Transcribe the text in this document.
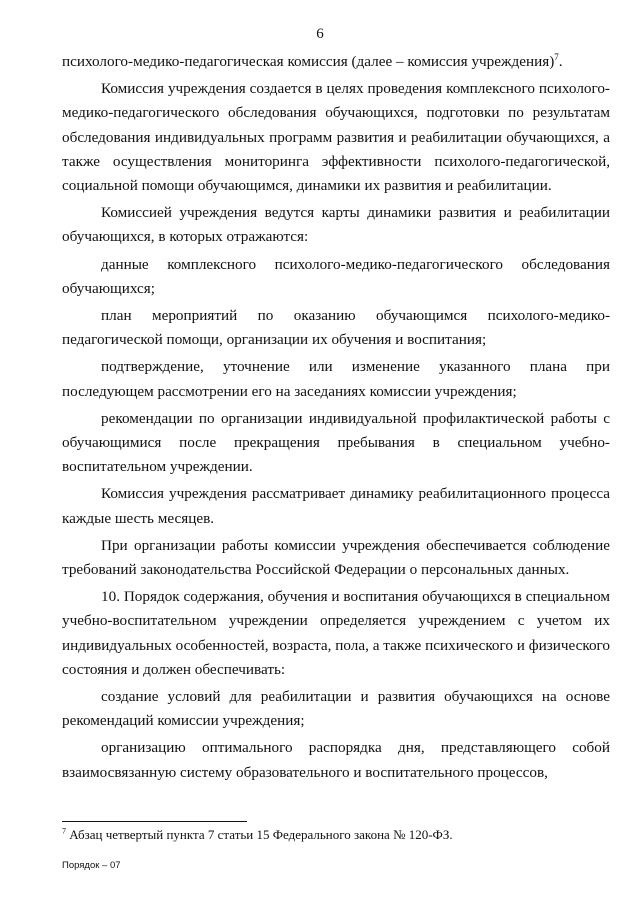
6

психолого-медико-педагогическая комиссия (далее – комиссия учреждения)$^7$.

Комиссия учреждения создается в целях проведения комплексного психолого-медико-педагогического обследования обучающихся, подготовки по результатам обследования индивидуальных программ развития и реабилитации обучающихся, а также осуществления мониторинга эффективности психолого-педагогической, социальной помощи обучающимся, динамики их развития и реабилитации.

Комиссией учреждения ведутся карты динамики развития и реабилитации обучающихся, в которых отражаются:

данные комплексного психолого-медико-педагогического обследования обучающихся;

план мероприятий по оказанию обучающимся психолого-медико-педагогической помощи, организации их обучения и воспитания;

подтверждение, уточнение или изменение указанного плана при последующем рассмотрении его на заседаниях комиссии учреждения;

рекомендации по организации индивидуальной профилактической работы с обучающимися после прекращения пребывания в специальном учебно-воспитательном учреждении.

Комиссия учреждения рассматривает динамику реабилитационного процесса каждые шесть месяцев.

При организации работы комиссии учреждения обеспечивается соблюдение требований законодательства Российской Федерации о персональных данных.

10. Порядок содержания, обучения и воспитания обучающихся в специальном учебно-воспитательном учреждении определяется учреждением с учетом их индивидуальных особенностей, возраста, пола, а также психического и физического состояния и должен обеспечивать:

создание условий для реабилитации и развития обучающихся на основе рекомендаций комиссии учреждения;

организацию оптимального распорядка дня, представляющего собой взаимосвязанную систему образовательного и воспитательного процессов,

$^7$ Абзац четвертый пункта 7 статьи 15 Федерального закона № 120-ФЗ.
Порядок – 07
